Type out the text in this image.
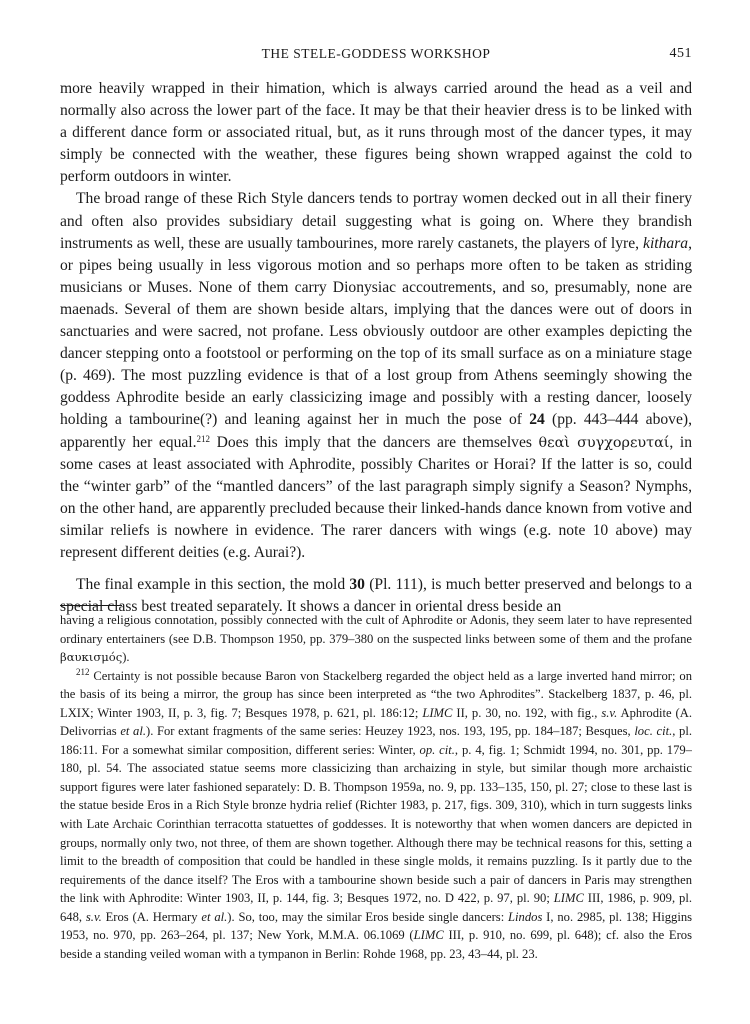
THE STELE-GODDESS WORKSHOP	451

more heavily wrapped in their himation, which is always carried around the head as a veil and normally also across the lower part of the face. It may be that their heavier dress is to be linked with a different dance form or associated ritual, but, as it runs through most of the dancer types, it may simply be connected with the weather, these figures being shown wrapped against the cold to perform outdoors in winter.

The broad range of these Rich Style dancers tends to portray women decked out in all their finery and often also provides subsidiary detail suggesting what is going on. Where they brandish instruments as well, these are usually tambourines, more rarely castanets, the players of lyre, kithara, or pipes being usually in less vigorous motion and so perhaps more often to be taken as striding musicians or Muses. None of them carry Dionysiac accoutrements, and so, presumably, none are maenads. Several of them are shown beside altars, implying that the dances were out of doors in sanctuaries and were sacred, not profane. Less obviously outdoor are other examples depicting the dancer stepping onto a footstool or performing on the top of its small surface as on a miniature stage (p. 469). The most puzzling evidence is that of a lost group from Athens seemingly showing the goddess Aphrodite beside an early classicizing image and possibly with a resting dancer, loosely holding a tambourine(?) and leaning against her in much the pose of 24 (pp. 443–444 above), apparently her equal.$^{212}$ Does this imply that the dancers are themselves θεαὶ συγχορευταί, in some cases at least associated with Aphrodite, possibly Charites or Horai? If the latter is so, could the “winter garb” of the “mantled dancers” of the last paragraph simply signify a Season? Nymphs, on the other hand, are apparently precluded because their linked-hands dance known from votive and similar reliefs is nowhere in evidence. The rarer dancers with wings (e.g. note 10 above) may represent different deities (e.g. Aurai?).

The final example in this section, the mold 30 (Pl. 111), is much better preserved and belongs to a special class best treated separately. It shows a dancer in oriental dress beside an

having a religious connotation, possibly connected with the cult of Aphrodite or Adonis, they seem later to have represented ordinary entertainers (see D.B. Thompson 1950, pp. 379–380 on the suspected links between some of them and the profane βαυκισμός).

$^{212}$ Certainty is not possible because Baron von Stackelberg regarded the object held as a large inverted hand mirror; on the basis of its being a mirror, the group has since been interpreted as “the two Aphrodites”. Stackelberg 1837, p. 46, pl. LXIX; Winter 1903, II, p. 3, fig. 7; Besques 1978, p. 621, pl. 186:12; LIMC II, p. 30, no. 192, with fig., s.v. Aphrodite (A. Delivorrias et al.). For extant fragments of the same series: Heuzey 1923, nos. 193, 195, pp. 184–187; Besques, loc. cit., pl. 186:11. For a somewhat similar composition, different series: Winter, op. cit., p. 4, fig. 1; Schmidt 1994, no. 301, pp. 179–180, pl. 54. The associated statue seems more classicizing than archaizing in style, but similar though more archaistic support figures were later fashioned separately: D. B. Thompson 1959a, no. 9, pp. 133–135, 150, pl. 27; close to these last is the statue beside Eros in a Rich Style bronze hydria relief (Richter 1983, p. 217, figs. 309, 310), which in turn suggests links with Late Archaic Corinthian terracotta statuettes of goddesses. It is noteworthy that when women dancers are depicted in groups, normally only two, not three, of them are shown together. Although there may be technical reasons for this, setting a limit to the breadth of composition that could be handled in these single molds, it remains puzzling. Is it partly due to the requirements of the dance itself? The Eros with a tambourine shown beside such a pair of dancers in Paris may strengthen the link with Aphrodite: Winter 1903, II, p. 144, fig. 3; Besques 1972, no. D 422, p. 97, pl. 90; LIMC III, 1986, p. 909, pl. 648, s.v. Eros (A. Hermary et al.). So, too, may the similar Eros beside single dancers: Lindos I, no. 2985, pl. 138; Higgins 1953, no. 970, pp. 263–264, pl. 137; New York, M.M.A. 06.1069 (LIMC III, p. 910, no. 699, pl. 648); cf. also the Eros beside a standing veiled woman with a tympanon in Berlin: Rohde 1968, pp. 23, 43–44, pl. 23.
